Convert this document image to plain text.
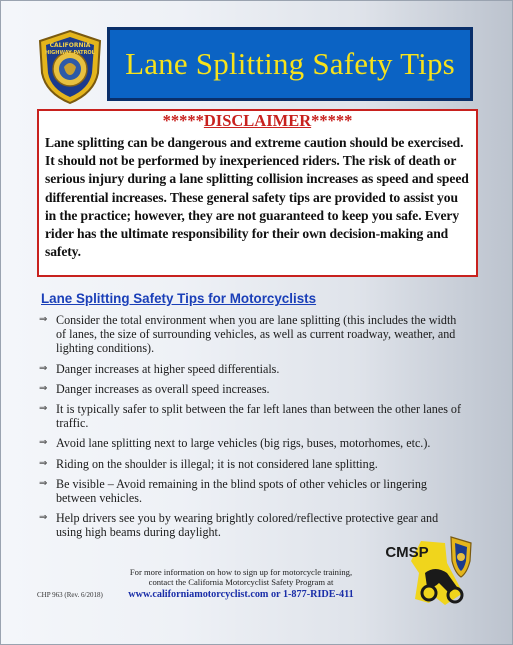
CALIFORNIA
HIGHWAY PATROL Lane Splitting Safety Tips
*****DISCLAIMER*****
Lane splitting can be dangerous and extreme caution should be exercised. It should not be performed by inexperienced riders. The risk of death or serious injury during a lane splitting collision increases as speed and speed differential increases. These general safety tips are provided to assist you in the practice; however, they are not guaranteed to keep you safe. Every rider has the ultimate responsibility for their own decision-making and safety.
Lane Splitting Safety Tips for Motorcyclists
⇒ Consider the total environment when you are lane splitting (this includes the width of lanes, the size of surrounding vehicles, as well as current roadway, weather, and lighting conditions).
⇒ Danger increases at higher speed differentials.
⇒ Danger increases as overall speed increases.
⇒ It is typically safer to split between the far left lanes than between the other lanes of traffic.
⇒ Avoid lane splitting next to large vehicles (big rigs, buses, motorhomes, etc.).
⇒ Riding on the shoulder is illegal; it is not considered lane splitting.
⇒ Be visible – Avoid remaining in the blind spots of other vehicles or lingering between vehicles.
⇒ Help drivers see you by wearing brightly colored/reflective protective gear and using high beams during daylight.
For more information on how to sign up for motorcycle training,
contact the California Motorcyclist Safety Program at
www.californiamotorcyclist.com or 1-877-RIDE-411
CHP 963 (Rev. 6/2018)
CMSP
